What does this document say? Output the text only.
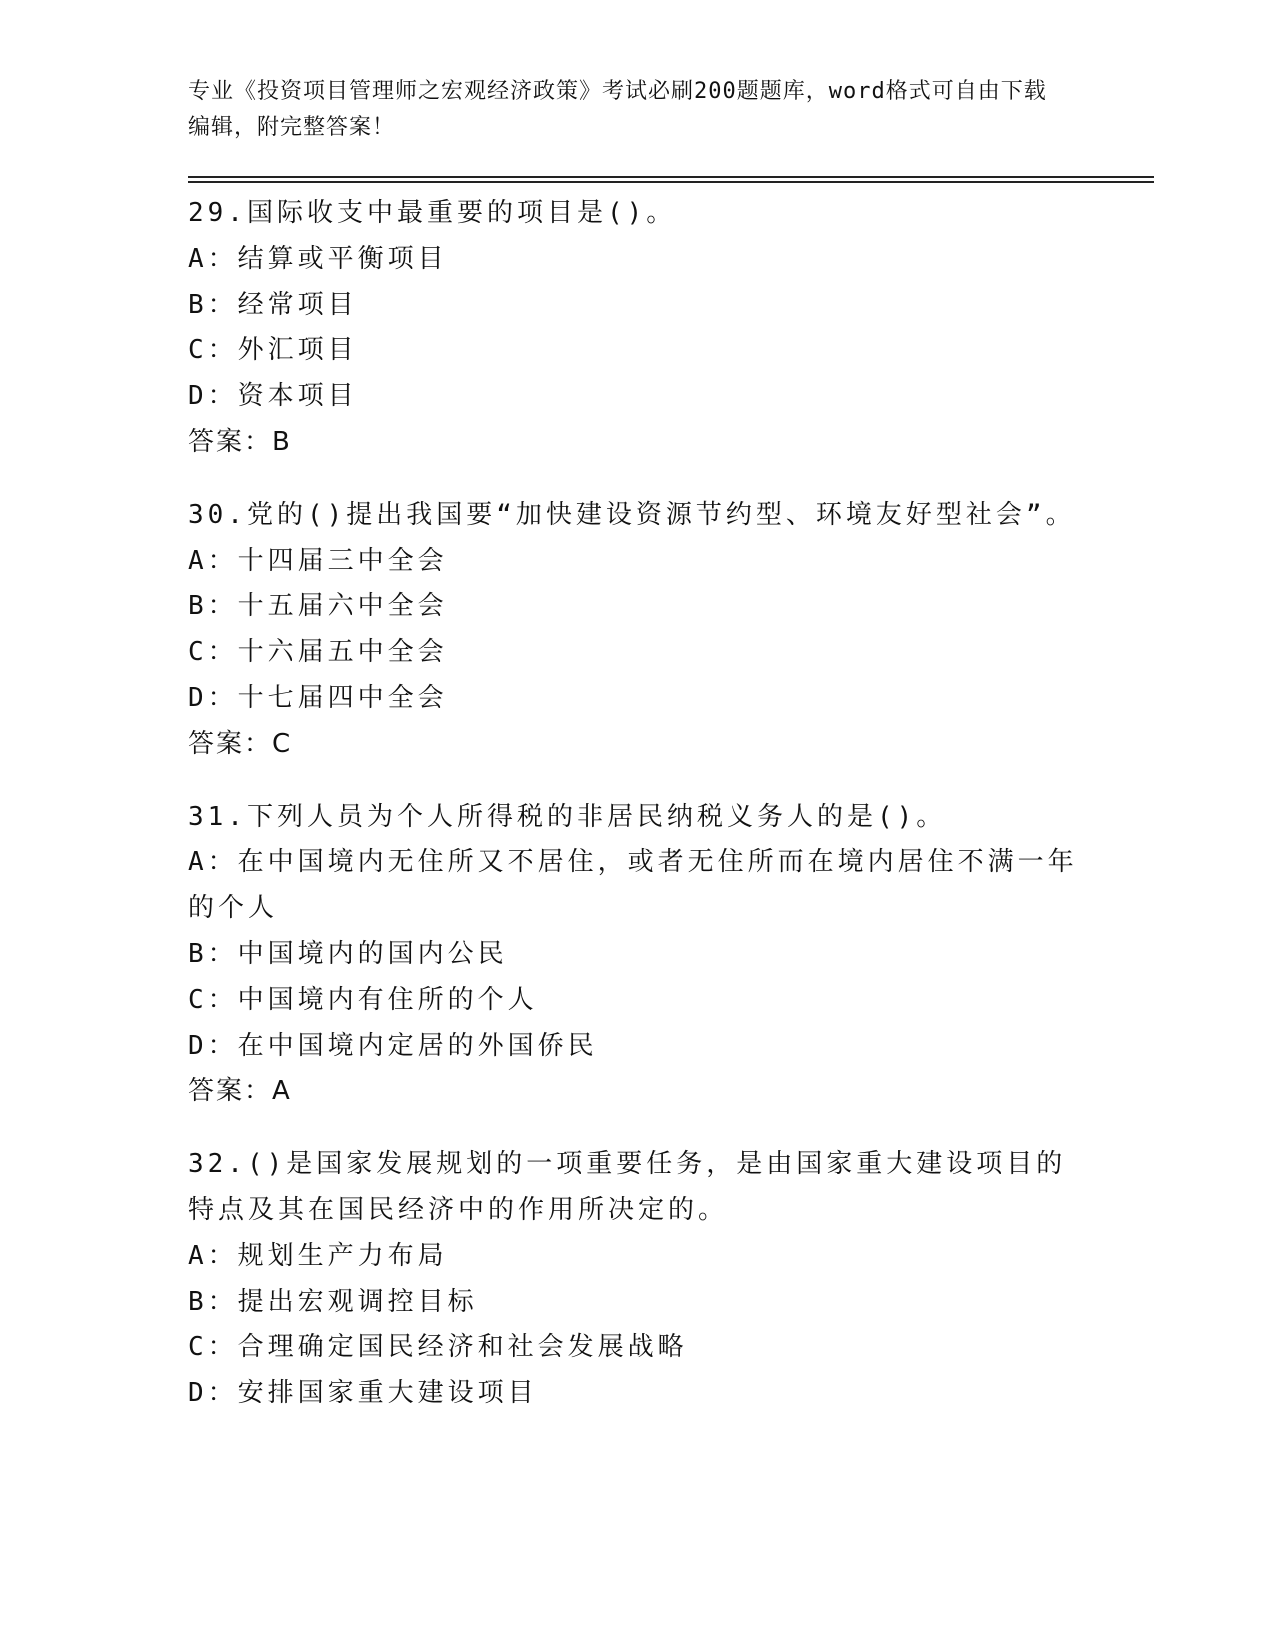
专业《投资项目管理师之宏观经济政策》考试必刷200题题库，word格式可自由下载编辑，附完整答案！
29.国际收支中最重要的项目是()。
A：结算或平衡项目
B：经常项目
C：外汇项目
D：资本项目
答案：B
30.党的()提出我国要“加快建设资源节约型、环境友好型社会”。
A：十四届三中全会
B：十五届六中全会
C：十六届五中全会
D：十七届四中全会
答案：C
31.下列人员为个人所得税的非居民纳税义务人的是()。
A：在中国境内无住所又不居住，或者无住所而在境内居住不满一年的个人
B：中国境内的国内公民
C：中国境内有住所的个人
D：在中国境内定居的外国侨民
答案：A
32.()是国家发展规划的一项重要任务，是由国家重大建设项目的特点及其在国民经济中的作用所决定的。
A：规划生产力布局
B：提出宏观调控目标
C：合理确定国民经济和社会发展战略
D：安排国家重大建设项目
